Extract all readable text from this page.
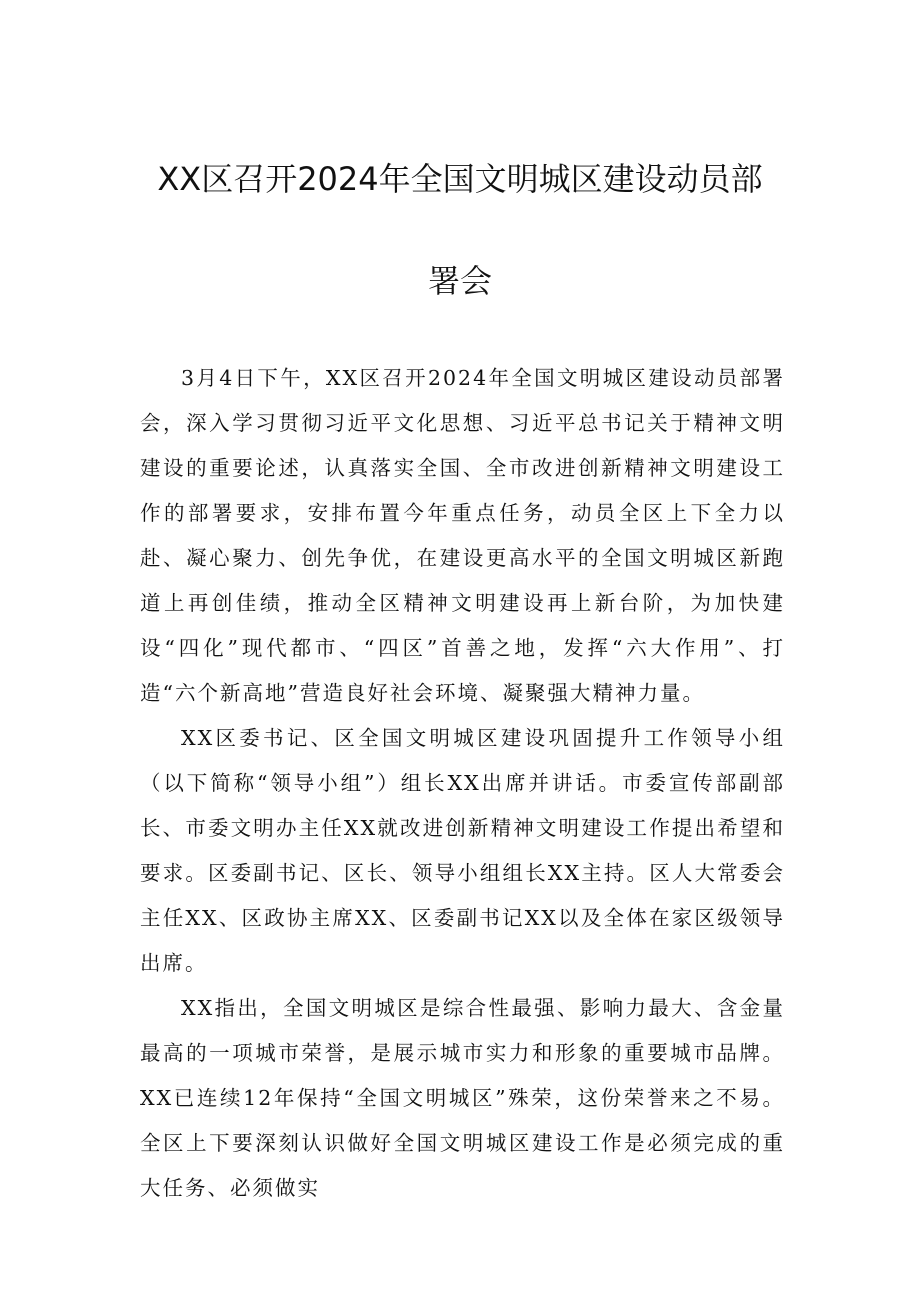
XX区召开2024年全国文明城区建设动员部
署会

3月4日下午，XX区召开2024年全国文明城区建设动员部署会，深入学习贯彻习近平文化思想、习近平总书记关于精神文明建设的重要论述，认真落实全国、全市改进创新精神文明建设工作的部署要求，安排布置今年重点任务，动员全区上下全力以赴、凝心聚力、创先争优，在建设更高水平的全国文明城区新跑道上再创佳绩，推动全区精神文明建设再上新台阶，为加快建设“四化”现代都市、“四区”首善之地，发挥“六大作用”、打造“六个新高地”营造良好社会环境、凝聚强大精神力量。

XX区委书记、区全国文明城区建设巩固提升工作领导小组（以下简称“领导小组”）组长XX出席并讲话。市委宣传部副部长、市委文明办主任XX就改进创新精神文明建设工作提出希望和要求。区委副书记、区长、领导小组组长XX主持。区人大常委会主任XX、区政协主席XX、区委副书记XX以及全体在家区级领导出席。

XX指出，全国文明城区是综合性最强、影响力最大、含金量最高的一项城市荣誉，是展示城市实力和形象的重要城市品牌。XX已连续12年保持“全国文明城区”殊荣，这份荣誉来之不易。全区上下要深刻认识做好全国文明城区建设工作是必须完成的重大任务、必须做实
